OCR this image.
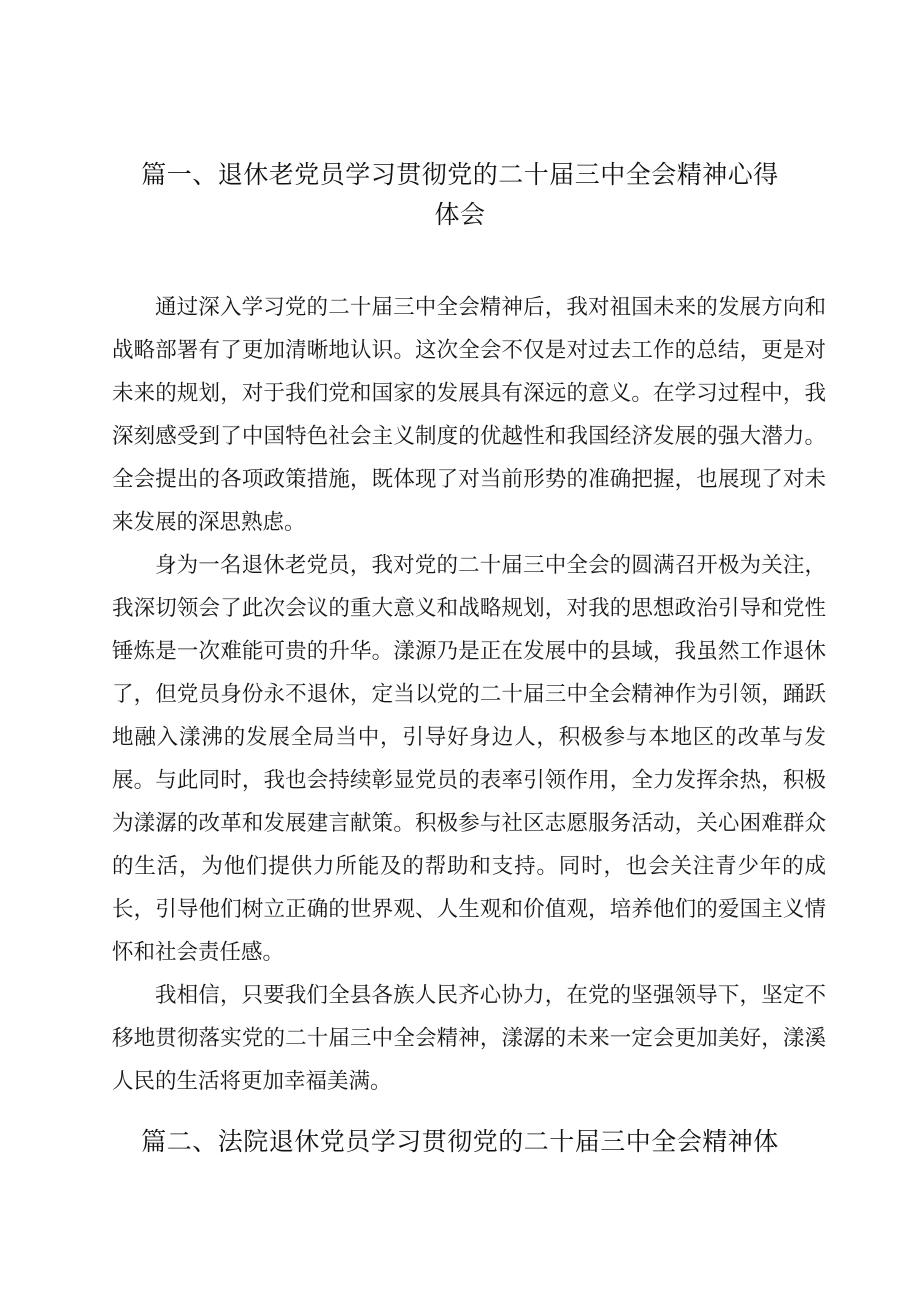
篇一、退休老党员学习贯彻党的二十届三中全会精神心得
体会

通过深入学习党的二十届三中全会精神后，我对祖国未来的发展方向和战略部署有了更加清晰地认识。这次全会不仅是对过去工作的总结，更是对未来的规划，对于我们党和国家的发展具有深远的意义。在学习过程中，我深刻感受到了中国特色社会主义制度的优越性和我国经济发展的强大潜力。全会提出的各项政策措施，既体现了对当前形势的准确把握，也展现了对未来发展的深思熟虑。

身为一名退休老党员，我对党的二十届三中全会的圆满召开极为关注，我深切领会了此次会议的重大意义和战略规划，对我的思想政治引导和党性锤炼是一次难能可贵的升华。漾源乃是正在发展中的县域，我虽然工作退休了，但党员身份永不退休，定当以党的二十届三中全会精神作为引领，踊跃地融入漾沸的发展全局当中，引导好身边人，积极参与本地区的改革与发展。与此同时，我也会持续彰显党员的表率引领作用，全力发挥余热，积极为漾潺的改革和发展建言献策。积极参与社区志愿服务活动，关心困难群众的生活，为他们提供力所能及的帮助和支持。同时，也会关注青少年的成长，引导他们树立正确的世界观、人生观和价值观，培养他们的爱国主义情怀和社会责任感。

我相信，只要我们全县各族人民齐心协力，在党的坚强领导下，坚定不移地贯彻落实党的二十届三中全会精神，漾潺的未来一定会更加美好，漾溪人民的生活将更加幸福美满。

篇二、法院退休党员学习贯彻党的二十届三中全会精神体
